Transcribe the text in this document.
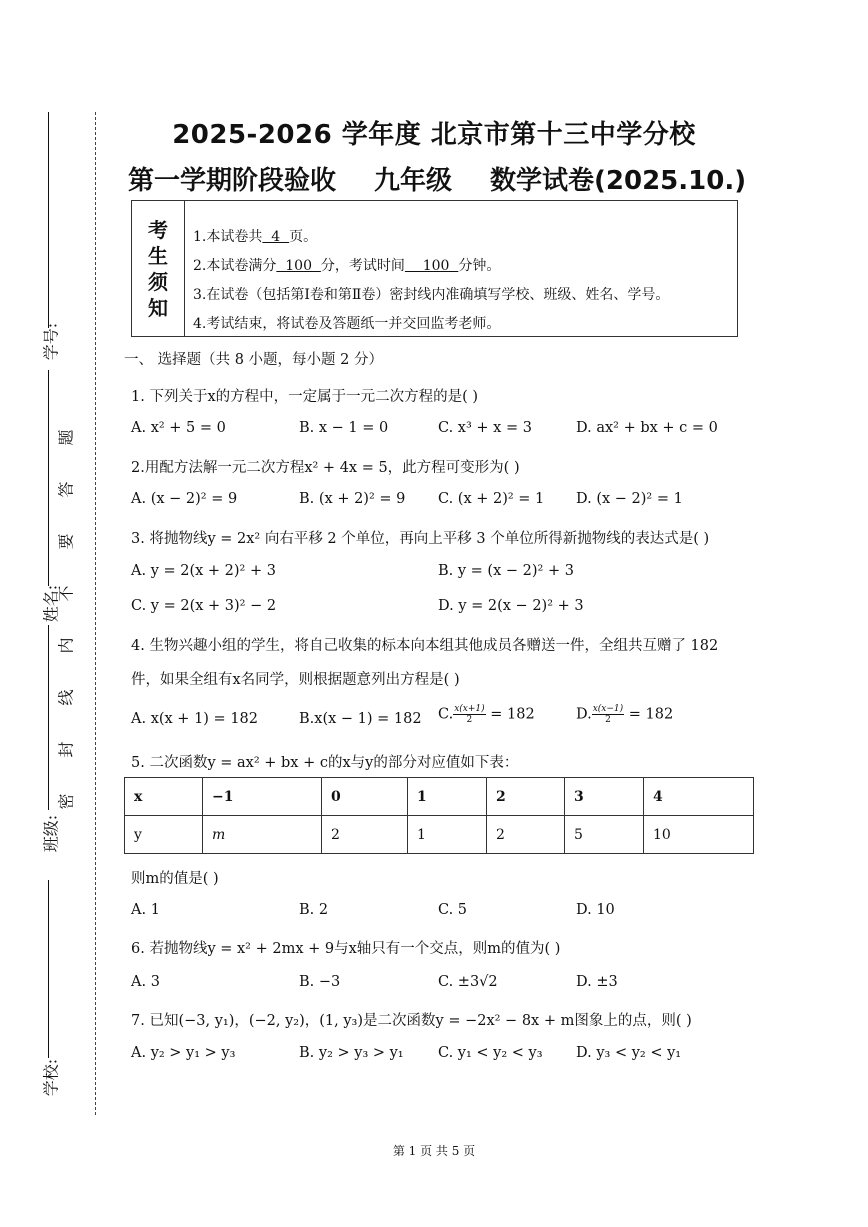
学号:
姓名:
班级:
学校:
题
答
要
不
内
线
封
密
2025-2026 学年度 北京市第十三中学分校
第一学期阶段验收 九年级 数学试卷(2025.10.)
考
生
须
知
1.本试卷共  4  页。
2.本试卷满分  100  分，考试时间    100  分钟。
3.在试卷（包括第Ⅰ卷和第Ⅱ卷）密封线内准确填写学校、班级、姓名、学号。
4.考试结束，将试卷及答题纸一并交回监考老师。
一、 选择题（共 8 小题，每小题 2 分）
1. 下列关于x的方程中，一定属于一元二次方程的是( )
A. x² + 5 = 0	B. x − 1 = 0	C. x³ + x = 3	D. ax² + bx + c = 0
2.用配方法解一元二次方程x² + 4x = 5，此方程可变形为( )
A. (x − 2)² = 9	B. (x + 2)² = 9 C. (x + 2)² = 1 D. (x − 2)² = 1
3. 将抛物线y = 2x² 向右平移 2 个单位，再向上平移 3 个单位所得新抛物线的表达式是( )
A. y = 2(x + 2)² + 3	B. y = (x − 2)² + 3
C. y = 2(x + 3)² − 2	D. y = 2(x − 2)² + 3
4. 生物兴趣小组的学生，将自己收集的标本向本组其他成员各赠送一件，全组共互赠了 182
件，如果全组有x名同学，则根据题意列出方程是( )
A. x(x + 1) = 182	B.x(x − 1) = 182 C. $\frac{x(x+1)}{2} = 182$	D. $\frac{x(x-1)}{2} = 182$
5. 二次函数y = ax² + bx + c的x与y的部分对应值如下表：
x	−1	0	1	2	3	4
y	m	2	1	2	5	10
则m的值是( )
A. 1	B. 2	C. 5	D. 10
6. 若抛物线y = x² + 2mx + 9与x轴只有一个交点，则m的值为( )
A. 3	B. −3	C. ±3√2	D. ±3
7. 已知(−3, y₁)，(−2, y₂)，(1, y₃)是二次函数y = −2x² − 8x + m图象上的点，则( )
A. y₂ > y₁ > y₃	B. y₂ > y₃ > y₁ C. y₁ < y₂ < y₃ D. y₃ < y₂ < y₁
第 1 页 共 5 页
